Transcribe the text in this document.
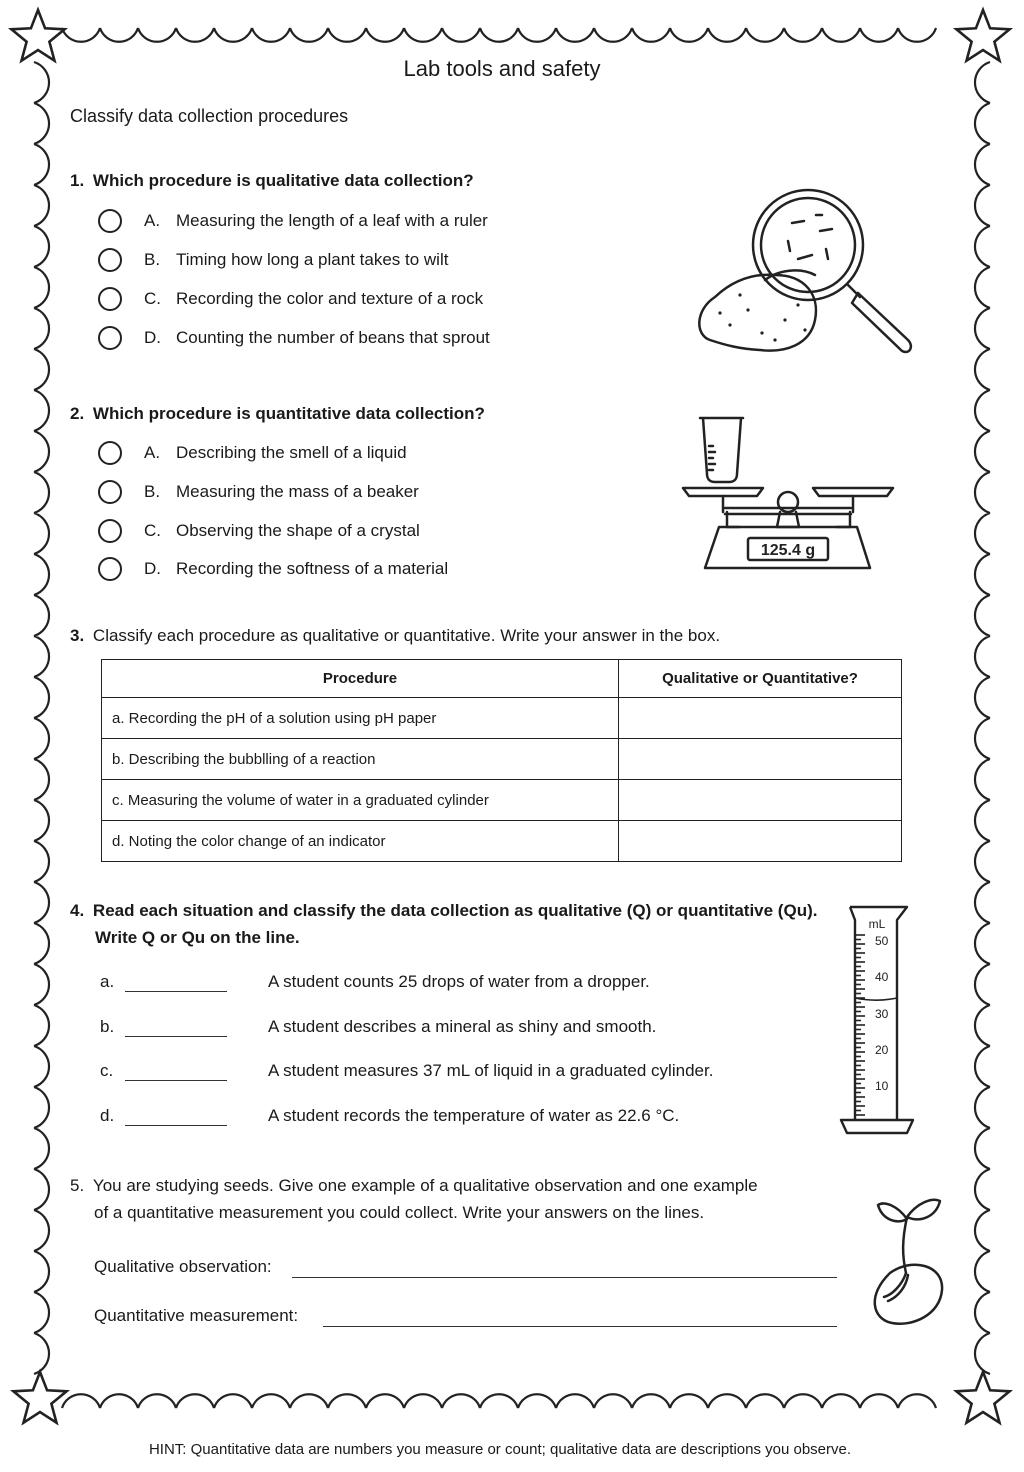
Lab tools and safety
Classify data collection procedures
1. Which procedure is qualitative data collection?
A. Measuring the length of a leaf with a ruler
B. Timing how long a plant takes to wilt
C. Recording the color and texture of a rock
D. Counting the number of beans that sprout
2. Which procedure is quantitative data collection?
A. Describing the smell of a liquid
B. Measuring the mass of a beaker
C. Observing the shape of a crystal
D. Recording the softness of a material
125.4 g
3. Classify each procedure as qualitative or quantitative. Write your answer in the box.
Procedure	Qualitative or Quantitative?
a. Recording the pH of a solution using pH paper	
b. Describing the bubblling of a reaction	
c. Measuring the volume of water in a graduated cylinder	
d. Noting the color change of an indicator	
4. Read each situation and classify the data collection as qualitative (Q) or quantitative (Qu).
Write Q or Qu on the line.
a.	A student counts 25 drops of water from a dropper.
b.	A student describes a mineral as shiny and smooth.
c.	A student measures 37 mL of liquid in a graduated cylinder.
d.	A student records the temperature of water as 22.6 °C.
mL
50
40
30
20
10
5. You are studying seeds. Give one example of a qualitative observation and one example
of a quantitative measurement you could collect. Write your answers on the lines.
Qualitative observation:
Quantitative measurement:
HINT: Quantitative data are numbers you measure or count; qualitative data are descriptions you observe.
